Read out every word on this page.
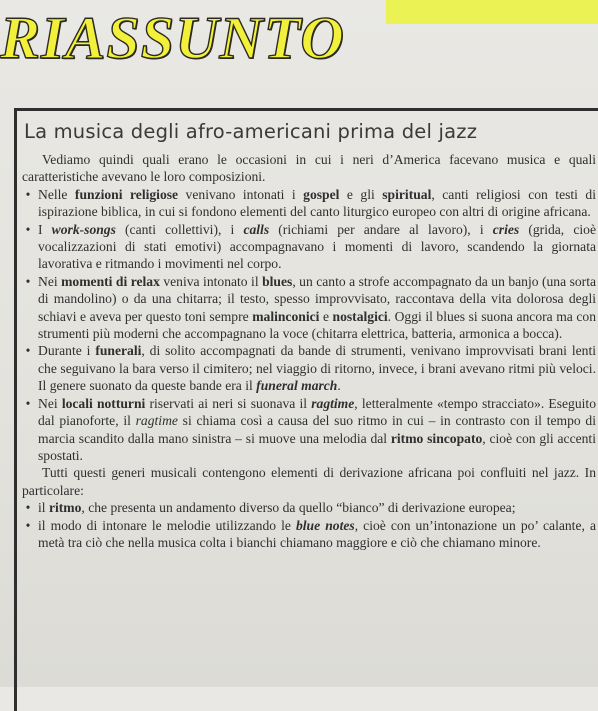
RIASSUNTO
La musica degli afro-americani prima del jazz

Vediamo quindi quali erano le occasioni in cui i neri d’America facevano musica e quali caratteristiche avevano le loro composizioni.

• Nelle funzioni religiose venivano intonati i gospel e gli spiritual, canti religiosi con testi di ispirazione biblica, in cui si fondono elementi del canto liturgico europeo con altri di origine africana.
• I work-songs (canti collettivi), i calls (richiami per andare al lavoro), i cries (grida, cioè vocalizzazioni di stati emotivi) accompagnavano i momenti di lavoro, scandendo la giornata lavorativa e ritmando i movimenti nel corpo.
• Nei momenti di relax veniva intonato il blues, un canto a strofe accompagnato da un banjo (una sorta di mandolino) o da una chitarra; il testo, spesso improvvisato, raccontava della vita dolorosa degli schiavi e aveva per questo toni sempre malinconici e nostalgici. Oggi il blues si suona ancora ma con strumenti più moderni che accompagnano la voce (chitarra elettrica, batteria, armonica a bocca).
• Durante i funerali, di solito accompagnati da bande di strumenti, venivano improvvisati brani lenti che seguivano la bara verso il cimitero; nel viaggio di ritorno, invece, i brani avevano ritmi più veloci. Il genere suonato da queste bande era il funeral march.
• Nei locali notturni riservati ai neri si suonava il ragtime, letteralmente «tempo stracciato». Eseguito dal pianoforte, il ragtime si chiama così a causa del suo ritmo in cui – in contrasto con il tempo di marcia scandito dalla mano sinistra – si muove una melodia dal ritmo sincopato, cioè con gli accenti spostati.

Tutti questi generi musicali contengono elementi di derivazione africana poi confluiti nel jazz. In particolare:

• il ritmo, che presenta un andamento diverso da quello “bianco” di derivazione europea;
• il modo di intonare le melodie utilizzando le blue notes, cioè con un’intonazione un po’ calante, a metà tra ciò che nella musica colta i bianchi chiamano maggiore e ciò che chiamano minore.
